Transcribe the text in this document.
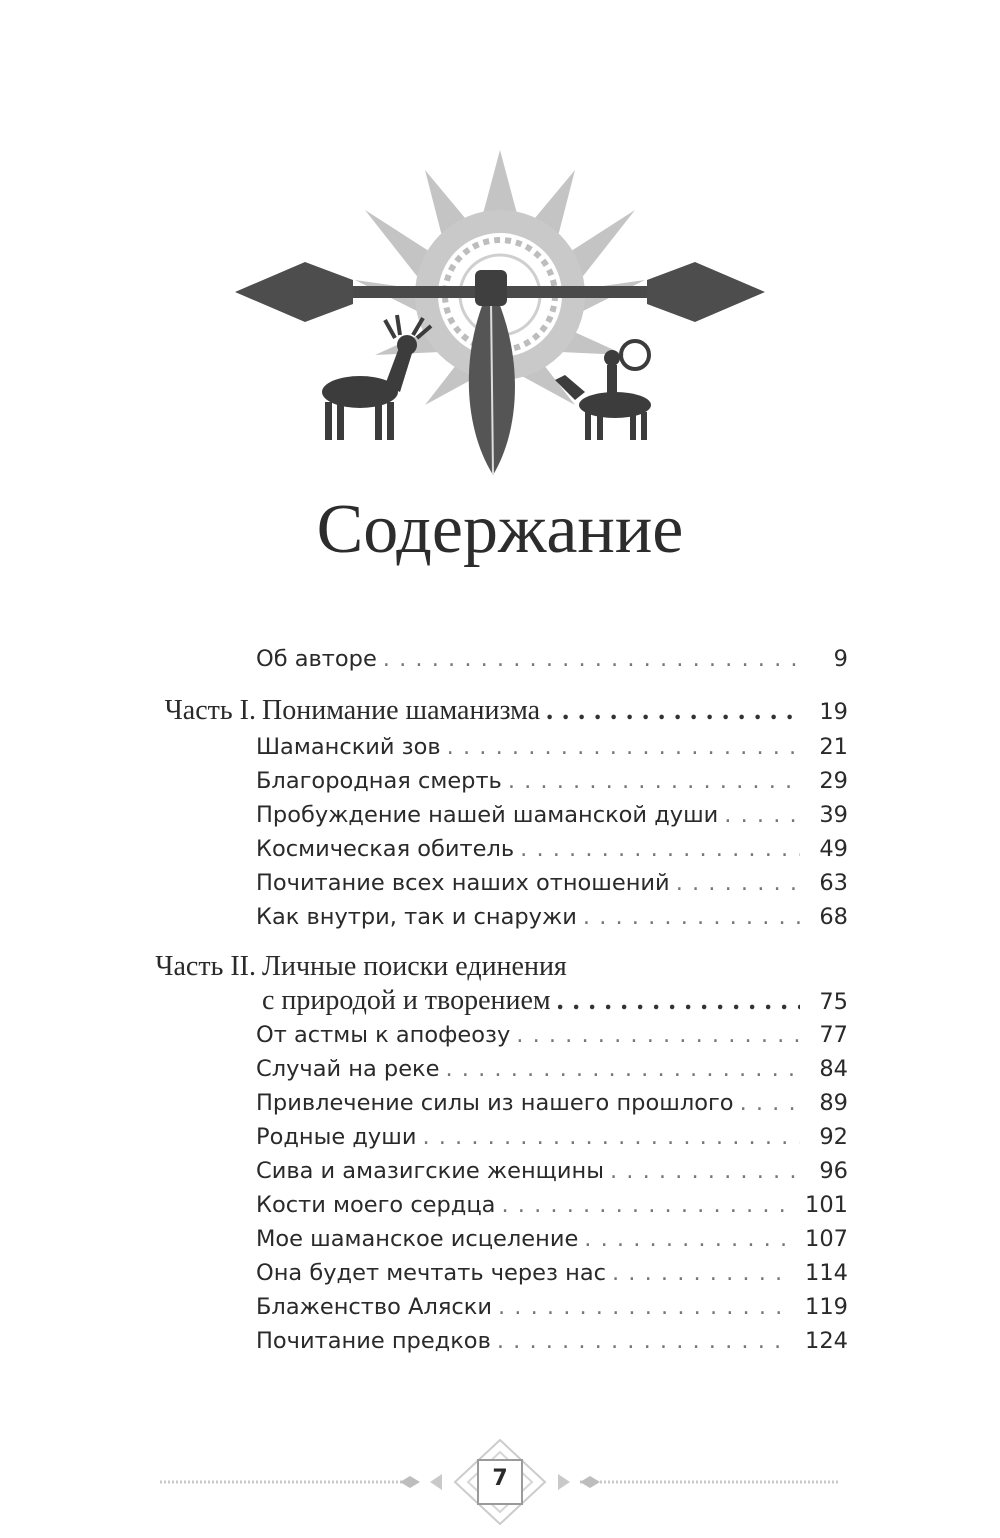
Содержание
Об авторе . . .	9
Часть I. Понимание шаманизма . . .	19
Шаманский зов . . .	21
Благородная смерть . . .	29
Пробуждение нашей шаманской души . . .	39
Космическая обитель . . .	49
Почитание всех наших отношений . . .	63
Как внутри, так и снаружи . . .	68
Часть II. Личные поиски единения
с природой и творением . . .	75
От астмы к апофеозу . . .	77
Случай на реке . . .	84
Привлечение силы из нашего прошлого . . .	89
Родные души . . .	92
Сива и амазигские женщины . . .	96
Кости моего сердца . . .	101
Мое шаманское исцеление . . .	107
Она будет мечтать через нас . . .	114
Блаженство Аляски . . .	119
Почитание предков . . .	124
7
